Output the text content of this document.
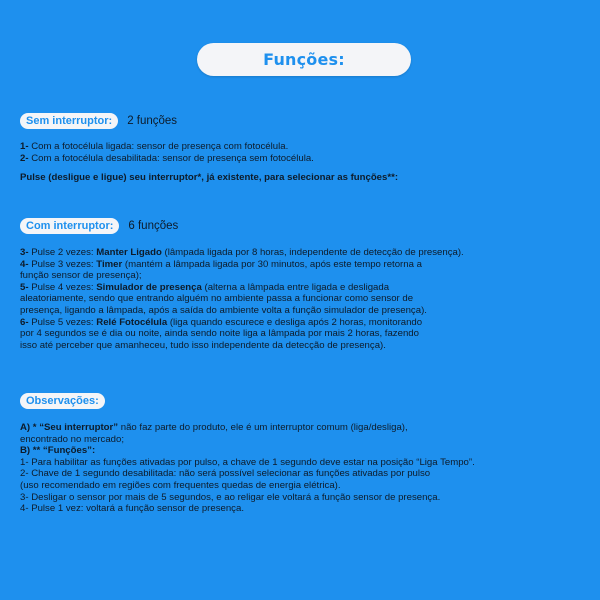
Funções:
Sem interruptor:	2 funções

1- Com a fotocélula ligada: sensor de presença com fotocélula.

2- Com a fotocélula desabilitada: sensor de presença sem fotocélula.

Pulse (desligue e ligue) seu interruptor*, já existente, para selecionar as funções**:
Com interruptor:	6 funções

3- Pulse 2 vezes: Manter Ligado (lâmpada ligada por 8 horas, independente de detecção de presença).

4- Pulse 3 vezes: Timer (mantém a lâmpada ligada por 30 minutos, após este tempo retorna a

função sensor de presença);

5- Pulse 4 vezes: Simulador de presença (alterna a lâmpada entre ligada e desligada

aleatoriamente, sendo que entrando alguém no ambiente passa a funcionar como sensor de

presença, ligando a lâmpada, após a saída do ambiente volta a função simulador de presença).

6- Pulse 5 vezes: Relé Fotocélula (liga quando escurece e desliga após 2 horas, monitorando

por 4 segundos se é dia ou noite, ainda sendo noite liga a lâmpada por mais 2 horas, fazendo

isso até perceber que amanheceu, tudo isso independente da detecção de presença).

Observações:

A) * “Seu interruptor” não faz parte do produto, ele é um interruptor comum (liga/desliga),

encontrado no mercado;

B) ** “Funções”:

1- Para habilitar as funções ativadas por pulso, a chave de 1 segundo deve estar na posição “Liga Tempo”.

2- Chave de 1 segundo desabilitada: não será possível selecionar as funções ativadas por pulso

(uso recomendado em regiões com frequentes quedas de energia elétrica).

3- Desligar o sensor por mais de 5 segundos, e ao religar ele voltará a função sensor de presença.

4- Pulse 1 vez: voltará a função sensor de presença.
